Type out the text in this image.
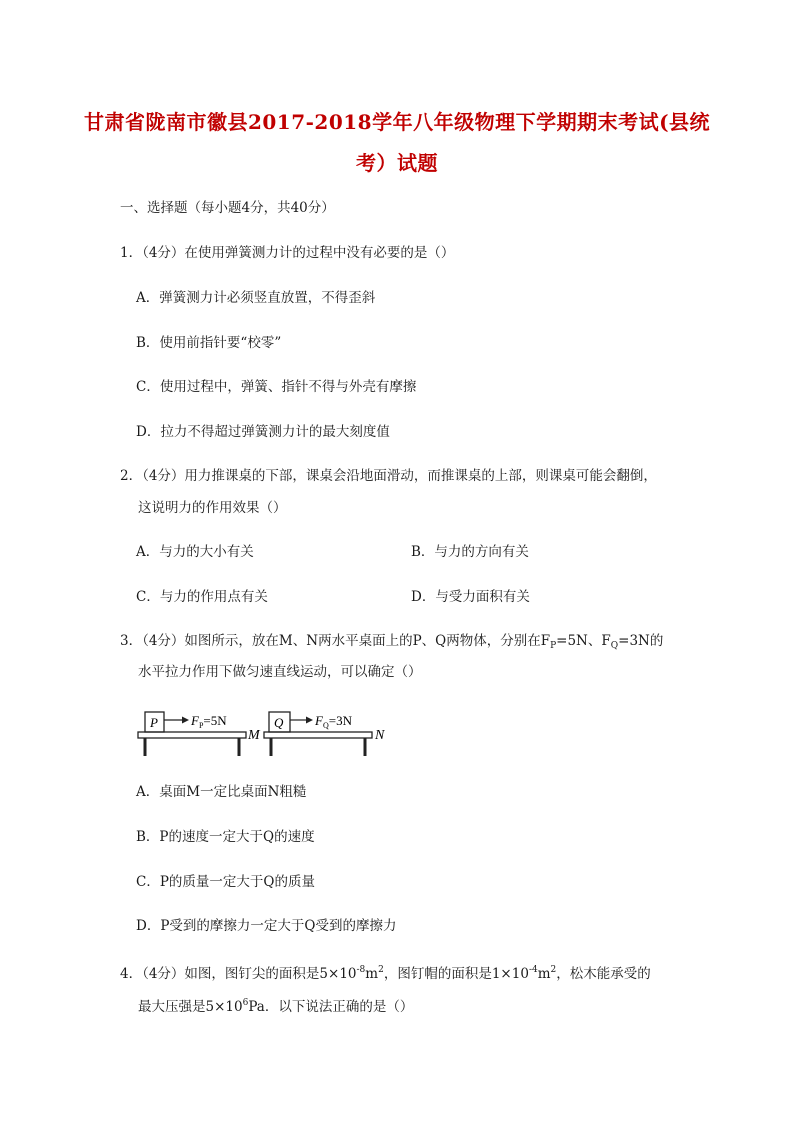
甘肃省陇南市徽县2017-2018学年八年级物理下学期期末考试(县统
考）试题
一、选择题（每小题4分，共40分）
1．（4分）在使用弹簧测力计的过程中没有必要的是（）
A．弹簧测力计必须竖直放置，不得歪斜
B．使用前指针要“校零”
C．使用过程中，弹簧、指针不得与外壳有摩擦
D．拉力不得超过弹簧测力计的最大刻度值
2．（4分）用力推课桌的下部，课桌会沿地面滑动，而推课桌的上部，则课桌可能会翻倒，
这说明力的作用效果（）
A．与力的大小有关	B．与力的方向有关
C．与力的作用点有关	D．与受力面积有关
3．（4分）如图所示，放在M、N两水平桌面上的P、Q两物体，分别在$F_P=5N$、$F_Q=3N$的
水平拉力作用下做匀速直线运动，可以确定（）
P	$F_P=5N$
M
Q $F_Q=3N$
N
A．桌面M一定比桌面N粗糙
B．P的速度一定大于Q的速度
C．P的质量一定大于Q的质量
D．P受到的摩擦力一定大于Q受到的摩擦力
4．（4分）如图，图钉尖的面积是$5\times 10^{-8}m^2$，图钉帽的面积是$1\times 10^{-4}m^2$，松木能承受的
最大压强是$5\times 10^6Pa$．以下说法正确的是（）
